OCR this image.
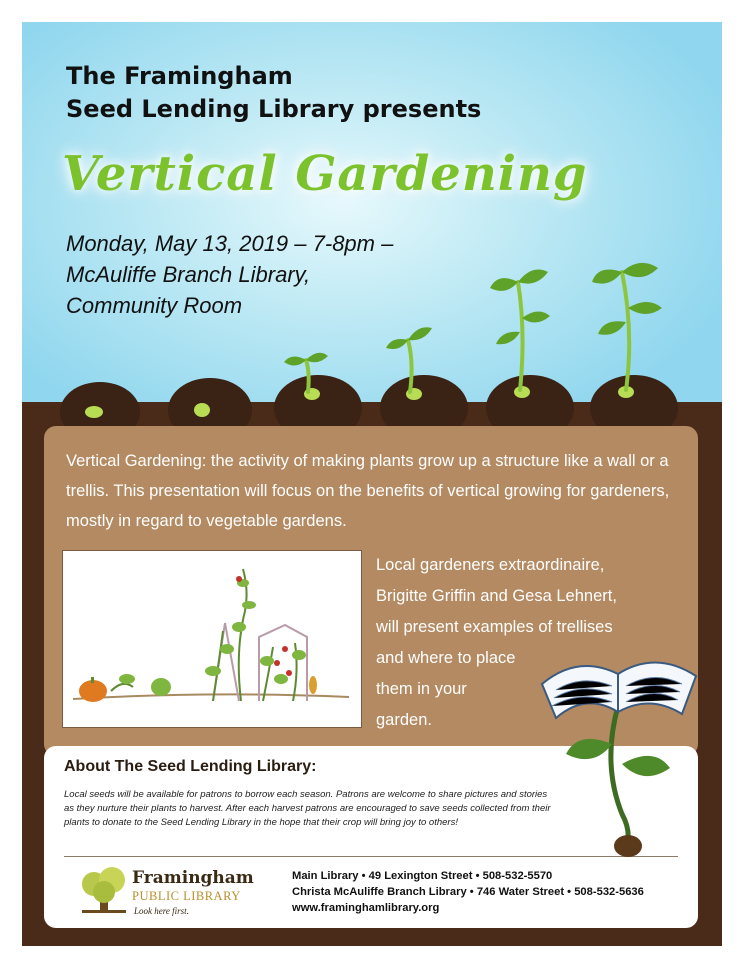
The Framingham
Seed Lending Library presents
Vertical Gardening
Monday, May 13, 2019 – 7-8pm –
McAuliffe Branch Library,
Community Room

Vertical Gardening: the activity of making plants grow up a structure like a wall or a trellis. This presentation will focus on the benefits of vertical growing for gardeners, mostly in regard to vegetable gardens.

Local gardeners extraordinaire,
Brigitte Griffin and Gesa Lehnert,
will present examples of trellises
and where to place
them in your
garden.
About The Seed Lending Library:

Local seeds will be available for patrons to borrow each season. Patrons are welcome to share pictures and stories as they nurture their plants to harvest. After each harvest patrons are encouraged to save seeds collected from their plants to donate to the Seed Lending Library in the hope that their crop will bring joy to others!

Framingham
PUBLIC LIBRARY
Look here first.
Main Library • 49 Lexington Street • 508-532-5570
Christa McAuliffe Branch Library • 746 Water Street • 508-532-5636
www.framinghamlibrary.org
